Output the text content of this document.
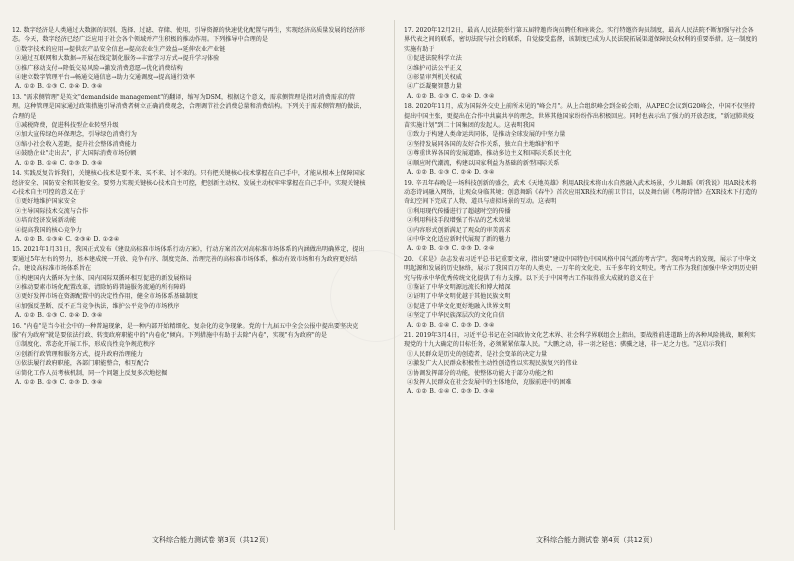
12. 数字经济是人类通过大数据的识别、选择、过滤、存储、使用，引导资源的快速优化配置与再生，实现经济高质量发展的经济形态。今天，数字经济已经广泛应用于社会各个领域并产生积极的推动作用。下列推导中合理的是
①数字技术的应用→提供农产品安全信息→提高农业生产效益→延伸农业产业链
②通过互联网和大数据→开展在线定制化服务→丰富学习方式→提升学习体验
③推广移动支付→降低交易风险→激发消费意愿→优化消费结构
④建立数字管理平台→畅通交通信息→助力交通调度→提高通行效率
A. ①② B. ①③ C. ②④ D. ③④
13. "需求侧管理"是英文"demandside management"的翻译，缩写为DSM，根据这个意义，需求侧管理是指对消费需求的管理。这种管理是国家通过政策措施引导消费者树立正确消费观念，合理调节社会消费总量和消费结构。下列关于需求侧管理的做法，合理的是
①减税降费，促进科技型企业转型升级
②加大宣传绿色环保理念，引导绿色消费行为
③缩小社会收入差距，提升社会整体消费能力
④鼓励企业"走出去"，扩大国际消费市场份额
A. ①② B. ①④ C. ②③ D. ③④
14. 实践反复告诉我们，关键核心技术是要不来、买不来、讨不来的。只有把关键核心技术掌握在自己手中，才能从根本上保障国家经济安全、国防安全和其他安全。要努力实现关键核心技术自主可控，把创新主动权、发展主动权牢牢掌握在自己手中。实现关键核心技术自主可控的意义在于
①更好地维护国家安全
②主导国际技术交流与合作
③培育经济发展新动能
④提高我国的核心竞争力
A. ①② B. ①③④ C. ②③④ D. ①②④
15. 2021年1月31日，我国正式发布《建设高标准市场体系行动方案》，行动方案首次对高标准市场体系的内涵做出明确界定，提出要通过5年左右的努力，基本建成统一开放、竞争有序、制度完备、治理完善的高标准市场体系，推动有效市场和有为政府更好结合。建设高标准市场体系旨在
①构建国内大循环为主体、国内国际双循环相互促进的新发展格局
②推动要素市场化配置改革，清除妨碍普遍服务流通的所有障碍
③更好发挥市场在资源配置中的决定性作用，健全市场体系基础制度
④加强反垄断、反不正当竞争执法，维护公平竞争的市场秩序
A. ①② B. ①③ C. ②④ D. ③④
16. "内卷"是当今社会中的一种普遍现象，是一种内部开始精细化、复杂化的竞争现象。党的十九届五中全会公报中提出要坚决克服"有为政府"就是要依法行政、转变政府职能中的"内卷化"倾向。下列措施中有助于去除"内卷"，实现"有为政府"的是
①制度化、常态化开展工作，形成良性竞争规范秩序
②创新行政管理和服务方式，提升政府治理能力
③依法履行政府职能，各部门职能整合，相互配合
④简化工作人员考核机制，同一个问题上反复多次地挖掘
A. ①② B. ①③ C. ②③ D. ③④
17. 2020年12月2日，最高人民法院举行第五届特邀咨询员聘任和座谈会。实行特邀咨询员制度，最高人民法院不断加强与社会各界代表之间的联系，密切法院与社会的联系，自觉接受监督，该制度已成为人民法院拓展渠道保障民众权利的重要举措。这一制度的实施有助于
①促进法院科学立法
②维护司法公平正义
③彰显审判机关权威
④广泛凝聚智慧力量
A. ①② B. ①③ C. ②④ D. ③④
18. 2020年11月，成为国际外交史上前所未见的"峰会月"。从上合组织峰会到金砖会晤，从APEC会议到G20峰会，中国不仅坚持提出中国主张，更提出在合作中共赢共享的理念，世界其他国家纷纷作出积极回应。同时也表示出了强力的开放态度，"新冠肺炎疫苗实施计划"到二十国集团的发起人。这表明我国
①致力于构建人类命运共同体，是推动全球发展的中坚力量
②坚持发展同各国的友好合作关系，独立自主地维护和平
③尊重世界各国的发展道路，推动多边主义和国际关系民主化
④顺应时代潮流，构建以国家利益为基础的新型国际关系
A. ①② B. ①③ C. ②④ D. ③④
19. 辛丑年春晚是一场科技创新的盛会，武术《天地英雄》利用AR技术将山水自然融入武术场景，少儿舞蹈《听我说》用AR技术将动态诗词融入网络，让观众身临其境；创意舞蹈《春牛》首次应用XR技术的前卫节目，以及舞台剧《粤韵诗情》在XR技术下打造的奇幻空间下完成了人物、道具与虚拟场景的互动。这表明
①利用现代传播进行了超越时空的传播
②利用科技手段增强了作品的艺术效果
③内容形式创新满足了观众的审美需求
④中华文化适应新时代展现了新的魅力
A. ①② B. ①③ C. ②③ D. ②④
20. 《求是》杂志发表习近平总书记重要文章，指出要"建设中国特色中国风格中国气派的考古学"。我国考古的发现，展示了中华文明起源和发展的历史脉络，展示了我国百万年的人类史、一万年的文化史、五千多年的文明史。考古工作为我们加强中华文明历史研究与传承中华优秀传统文化提供了有力支撑。以下关于中国考古工作取得重大成就的意义在于
①鉴证了中华文明源远流长和博大精深
②证明了中华文明优越于其他民族文明
③促进了中华文化更好地融入世界文明
④坚定了中华民族深层次的文化自信
A. ①② B. ①④ C. ②③ D. ③④
21. 2019年3月4日，习近平总书记在全国政协文化艺术界、社会科学界联组会上指出，要战胜前进道路上的各种风险挑战，顺利实现党的十九大确定的目标任务，必须紧紧依靠人民。"大鹏之动，非一羽之轻也；骐骥之速，非一足之力也。"这启示我们
①人民群众是历史的创造者，是社会变革的决定力量
②激发广大人民群众积极性主动性创造性以实现民族复兴的伟业
③协调发挥部分的功能，使整体功能大于部分功能之和
④发挥人民群众在社会发展中的主体地位，克服前进中的困难
A. ①② B. ①④ C. ②③ D. ③④
文科综合能力测试卷 第3页（共12页）	文科综合能力测试卷 第4页（共12页）
